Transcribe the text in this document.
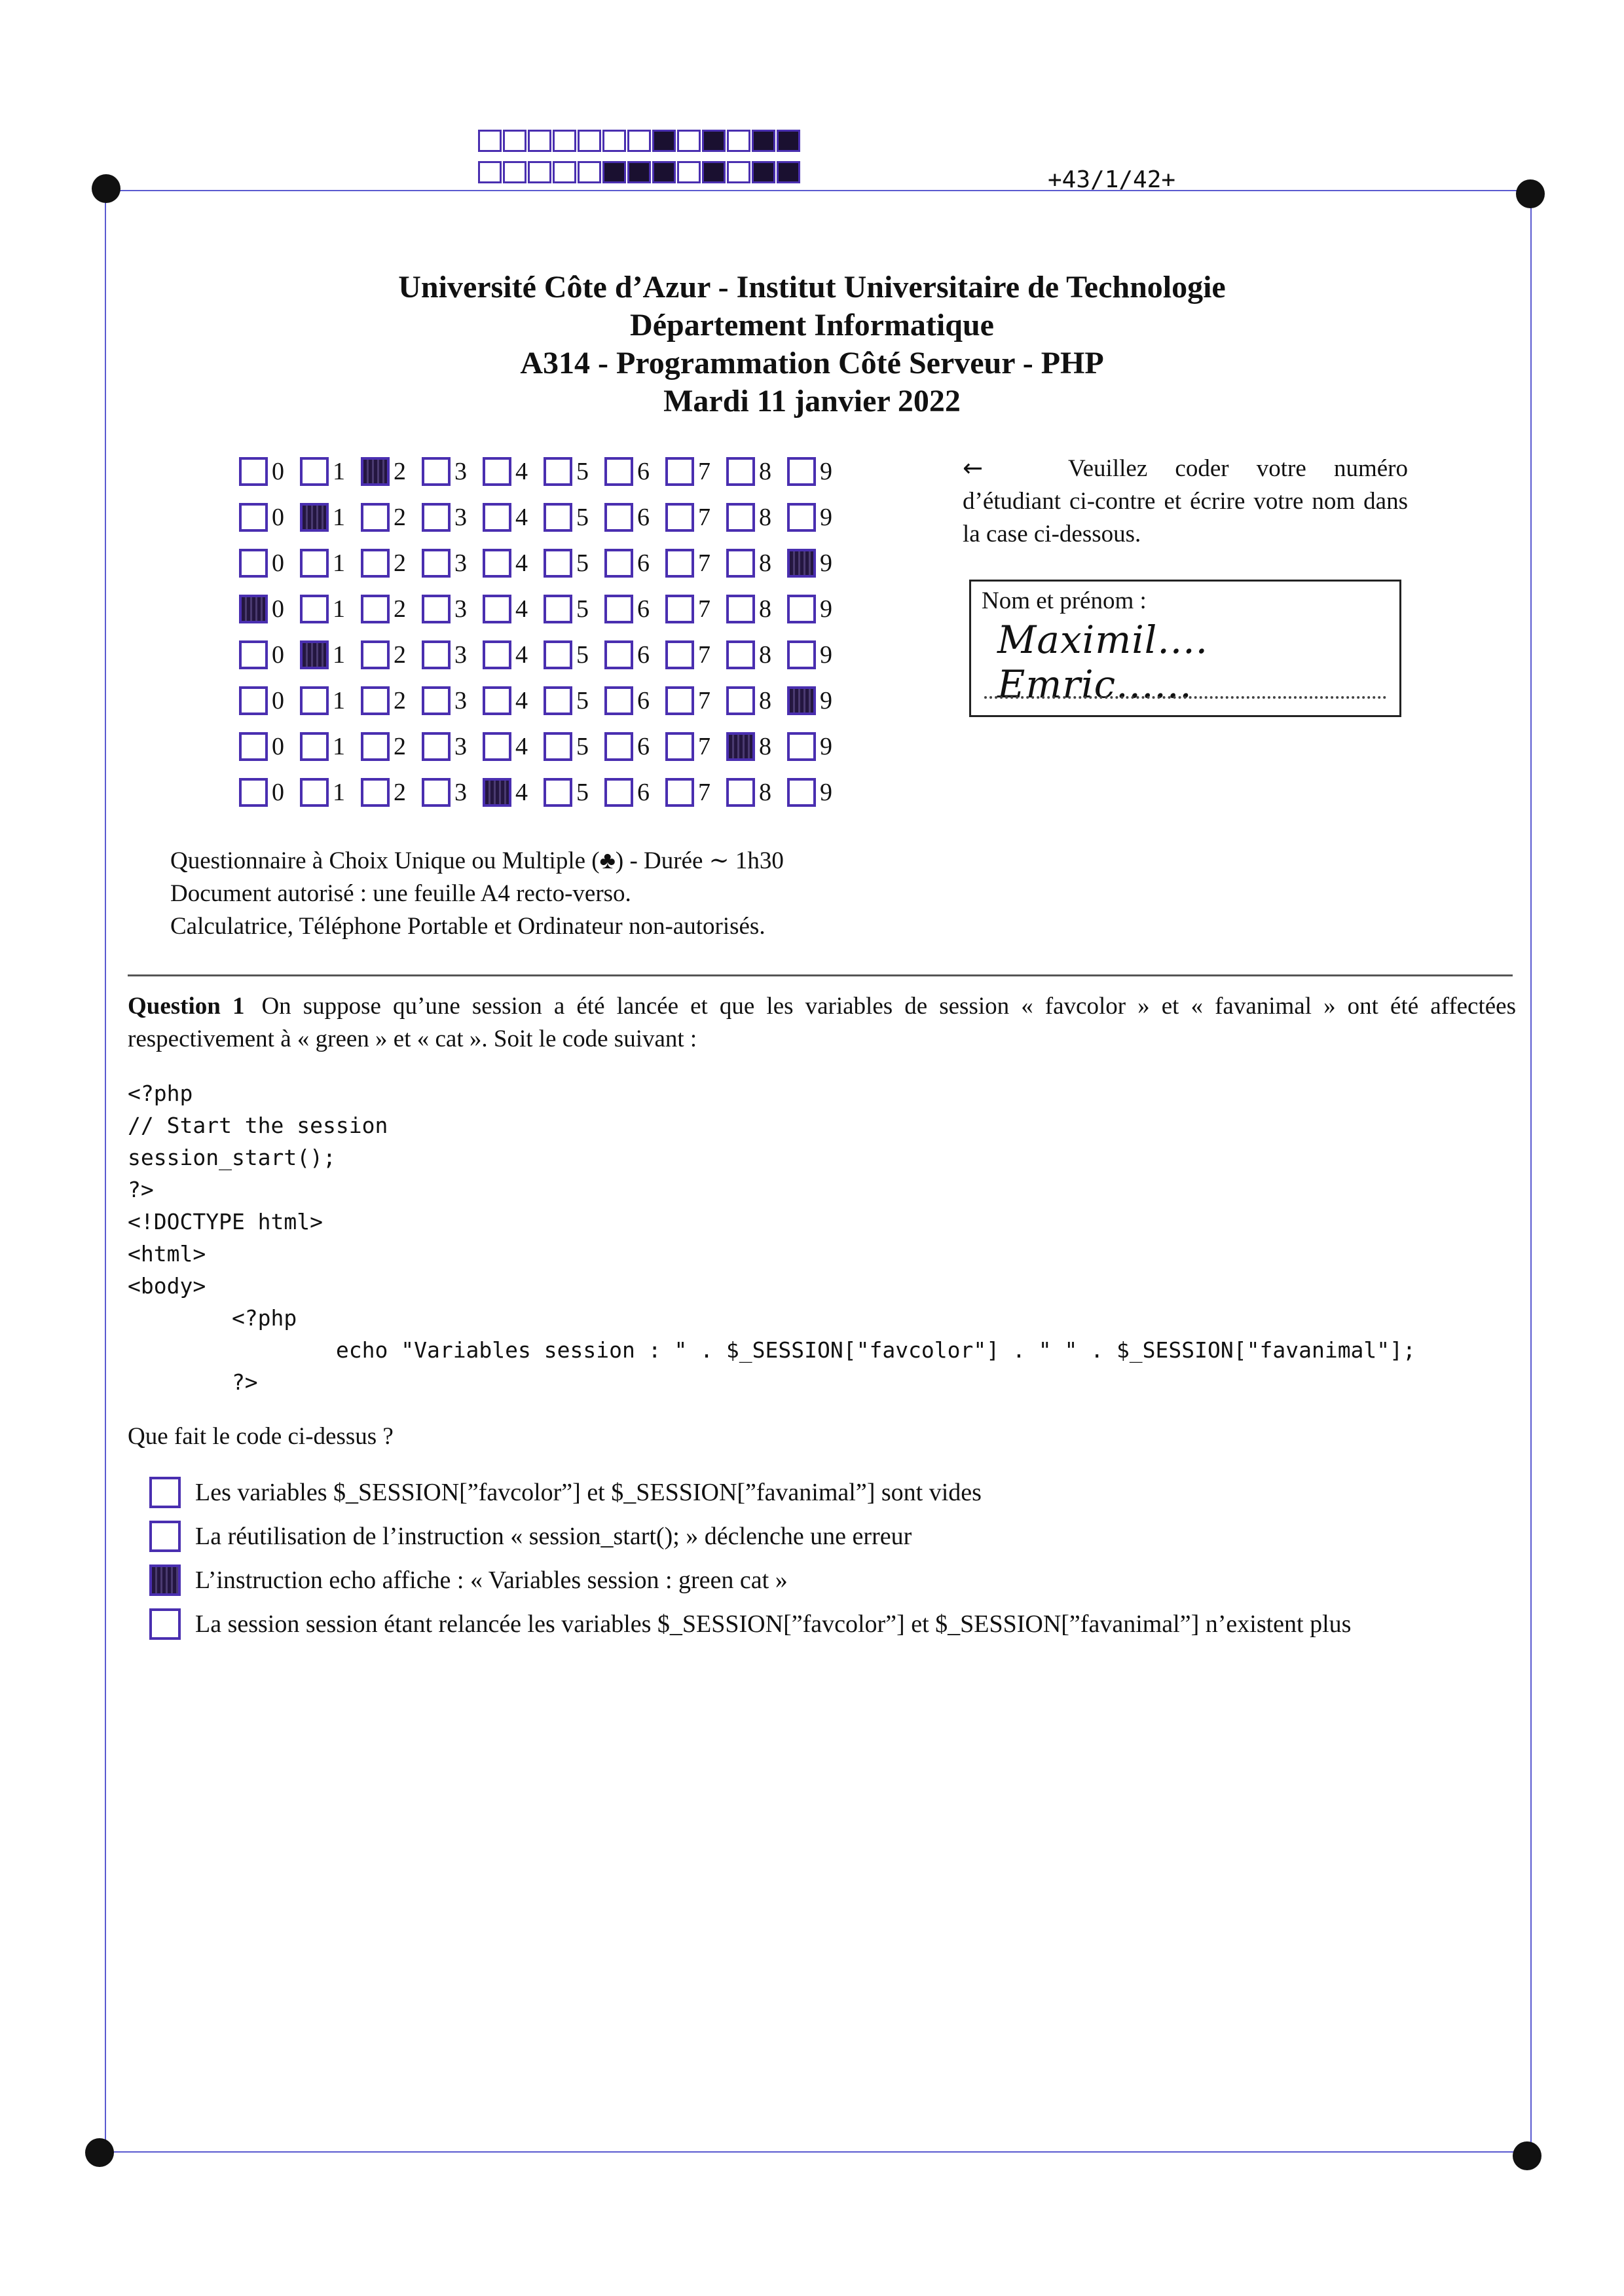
+43/1/42+
Université Côte d’Azur - Institut Universitaire de Technologie
Département Informatique
A314 - Programmation Côté Serveur - PHP
Mardi 11 janvier 2022
0 1 2 3 4 5 6 7 8 9
0 1 2 3 4 5 6 7 8 9
0 1 2 3 4 5 6 7 8 9
0 1 2 3 4 5 6 7 8 9
0 1 2 3 4 5 6 7 8 9
0 1 2 3 4 5 6 7 8 9
0 1 2 3 4 5 6 7 8 9
0 1 2 3 4 5 6 7 8 9
←	Veuillez coder votre numéro d’étudiant ci-contre et écrire votre nom dans la case ci-dessous.
Nom et prénom :
Maximil.... Emric......
Questionnaire à Choix Unique ou Multiple (♣) - Durée ∼ 1h30
Document autorisé : une feuille A4 recto-verso.
Calculatrice, Téléphone Portable et Ordinateur non-autorisés.
Question 1 On suppose qu’une session a été lancée et que les variables de session « favcolor » et « favanimal » ont été affectées respectivement à « green » et « cat ». Soit le code suivant :
<?php
// Start the session
session_start();
?>
<!DOCTYPE html>
<html>
<body>
<?php
echo "Variables session : " . $_SESSION["favcolor"] . " " . $_SESSION["favanimal"];
?>
Que fait le code ci-dessus ?
Les variables $_SESSION[”favcolor”] et $_SESSION[”favanimal”] sont vides
La réutilisation de l’instruction « session_start(); » déclenche une erreur
L’instruction echo affiche : « Variables session : green cat »
La session session étant relancée les variables $_SESSION[”favcolor”] et $_SESSION[”favanimal”] n’existent plus
